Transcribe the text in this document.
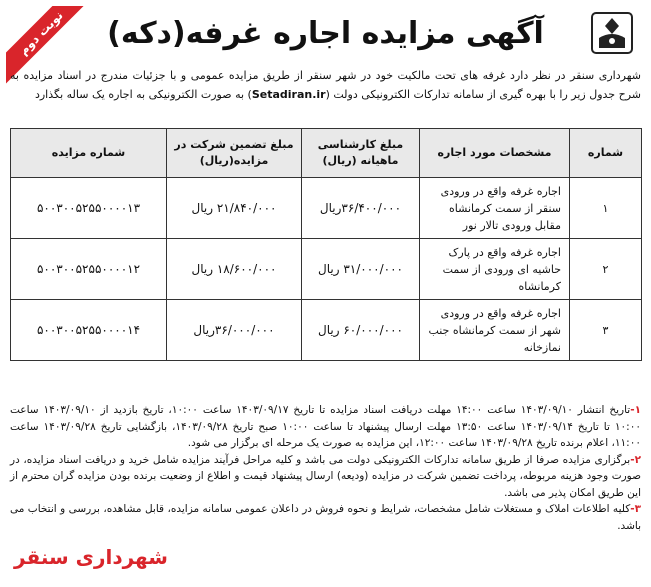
نوبت دوم	آگهی مزایده اجاره غرفه(دکه)
شهرداری سنقر در نظر دارد غرفه های تحت مالکیت خود در شهر سنقر از طریق مزایده عمومی و با جزئیات مندرج در اسناد مزایده به شرح جدول زیر را با بهره گیری از سامانه تدارکات الکترونیکی دولت (Setadiran.ir) به صورت الکترونیکی به اجاره یک ساله بگذارد
شماره	مشخصات مورد اجاره	مبلغ کارشناسی ماهیانه (ریال)	مبلغ تضمین شرکت در مزایده(ریال)	شماره مزایده
۱	اجاره غرفه واقع در ورودی سنقر از سمت کرمانشاه مقابل ورودی تالار نور	۳۶/۴۰۰/۰۰۰ریال	۲۱/۸۴۰/۰۰۰ ریال	۵۰۰۳۰۰۵۲۵۵۰۰۰۰۱۳
۲	اجاره غرفه واقع در پارک حاشیه ای ورودی از سمت کرمانشاه	۳۱/۰۰۰/۰۰۰ ریال	۱۸/۶۰۰/۰۰۰ ریال	۵۰۰۳۰۰۵۲۵۵۰۰۰۰۱۲
۳	اجاره غرفه واقع در ورودی شهر از سمت کرمانشاه جنب نمازخانه	۶۰/۰۰۰/۰۰۰ ریال	۳۶/۰۰۰/۰۰۰ریال	۵۰۰۳۰۰۵۲۵۵۰۰۰۰۱۴

۱-تاریخ انتشار ۱۴۰۳/۰۹/۱۰ ساعت ۱۴:۰۰ مهلت دریافت اسناد مزایده تا تاریخ ۱۴۰۳/۰۹/۱۷ ساعت ۱۰:۰۰، تاریخ بازدید از ۱۴۰۳/۰۹/۱۰ ساعت ۱۰:۰۰ تا تاریخ ۱۴۰۳/۰۹/۱۴ ساعت ۱۳:۵۰ مهلت ارسال پیشنهاد تا ساعت ۱۰:۰۰ صبح تاریخ ۱۴۰۳/۰۹/۲۸، بازگشایی تاریخ ۱۴۰۳/۰۹/۲۸ ساعت ۱۱:۰۰، اعلام برنده تاریخ ۱۴۰۳/۰۹/۲۸ ساعت ۱۲:۰۰، این مزایده به صورت یک مرحله ای برگزار می شود.

۲-برگزاری مزایده صرفا از طریق سامانه تدارکات الکترونیکی دولت می باشد و کلیه مراحل فرآیند مزایده شامل خرید و دریافت اسناد مزایده، در صورت وجود هزینه مربوطه، پرداخت تضمین شرکت در مزایده (ودیعه) ارسال پیشنهاد قیمت و اطلاع از وضعیت برنده بودن مزایده گران محترم از این طریق امکان پذیر می باشد.

۳-کلیه اطلاعات املاک و مستغلات شامل مشخصات، شرایط و نحوه فروش در داعلان عمومی سامانه مزایده، قابل مشاهده، بررسی و انتخاب می باشد.

شهرداری سنقر
